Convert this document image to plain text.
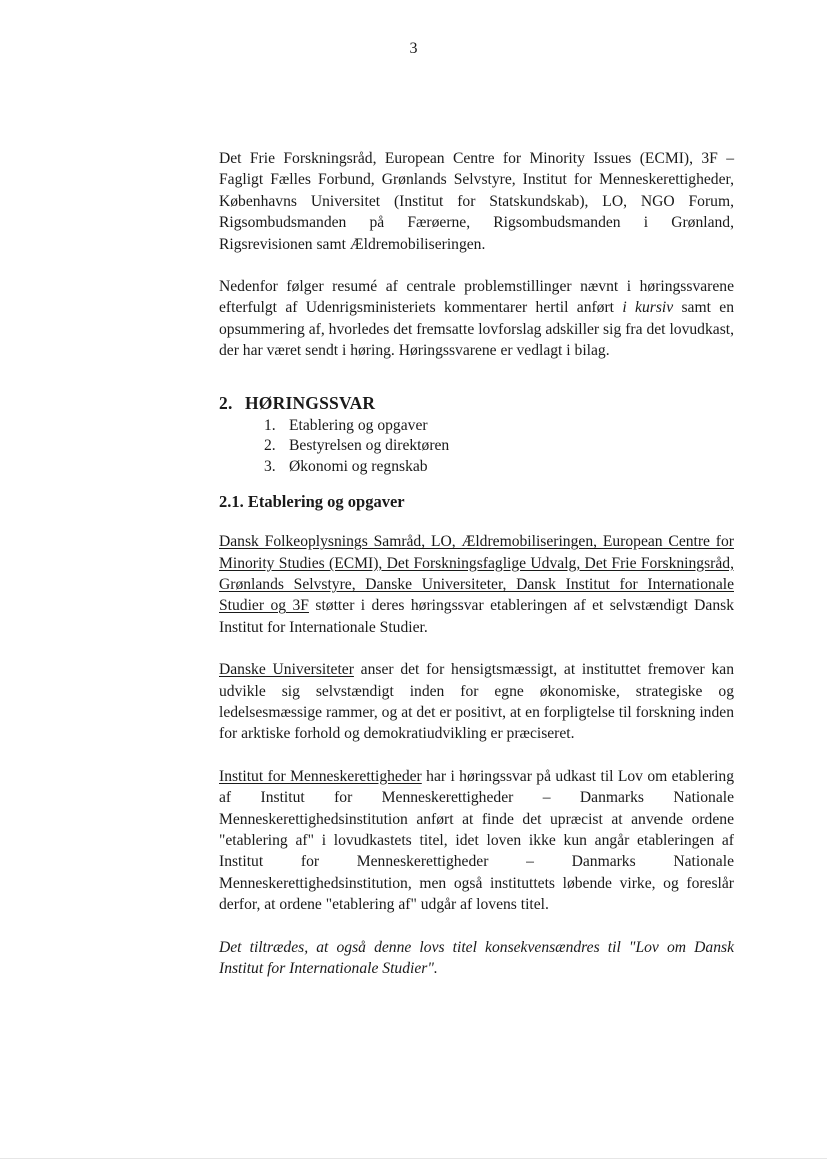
3

Det Frie Forskningsråd, European Centre for Minority Issues (ECMI), 3F – Fagligt Fælles Forbund, Grønlands Selvstyre, Institut for Menneskerettigheder, Københavns Universitet (Institut for Statskundskab), LO, NGO Forum, Rigsombudsmanden på Færøerne, Rigsombudsmanden i Grønland, Rigsrevisionen samt Ældremobiliseringen.

Nedenfor følger resumé af centrale problemstillinger nævnt i høringssvarene efterfulgt af Udenrigsministeriets kommentarer hertil anført i kursiv samt en opsummering af, hvorledes det fremsatte lovforslag adskiller sig fra det lovudkast, der har været sendt i høring. Høringssvarene er vedlagt i bilag.

2. HØRINGSSVAR
1. Etablering og opgaver
2. Bestyrelsen og direktøren
3. Økonomi og regnskab
2.1. Etablering og opgaver

Dansk Folkeoplysnings Samråd, LO, Ældremobiliseringen, European Centre for Minority Studies (ECMI), Det Forskningsfaglige Udvalg, Det Frie Forskningsråd, Grønlands Selvstyre, Danske Universiteter, Dansk Institut for Internationale Studier og 3F støtter i deres høringssvar etableringen af et selvstændigt Dansk Institut for Internationale Studier.

Danske Universiteter anser det for hensigtsmæssigt, at instituttet fremover kan udvikle sig selvstændigt inden for egne økonomiske, strategiske og ledelsesmæssige rammer, og at det er positivt, at en forpligtelse til forskning inden for arktiske forhold og demokratiudvikling er præciseret.

Institut for Menneskerettigheder har i høringssvar på udkast til Lov om etablering af Institut for Menneskerettigheder – Danmarks Nationale Menneskerettighedsinstitution anført at finde det upræcist at anvende ordene "etablering af" i lovudkastets titel, idet loven ikke kun angår etableringen af Institut for Menneskerettigheder – Danmarks Nationale Menneskerettighedsinstitution, men også instituttets løbende virke, og foreslår derfor, at ordene "etablering af" udgår af lovens titel.

Det tiltrædes, at også denne lovs titel konsekvensændres til "Lov om Dansk Institut for Internationale Studier".
